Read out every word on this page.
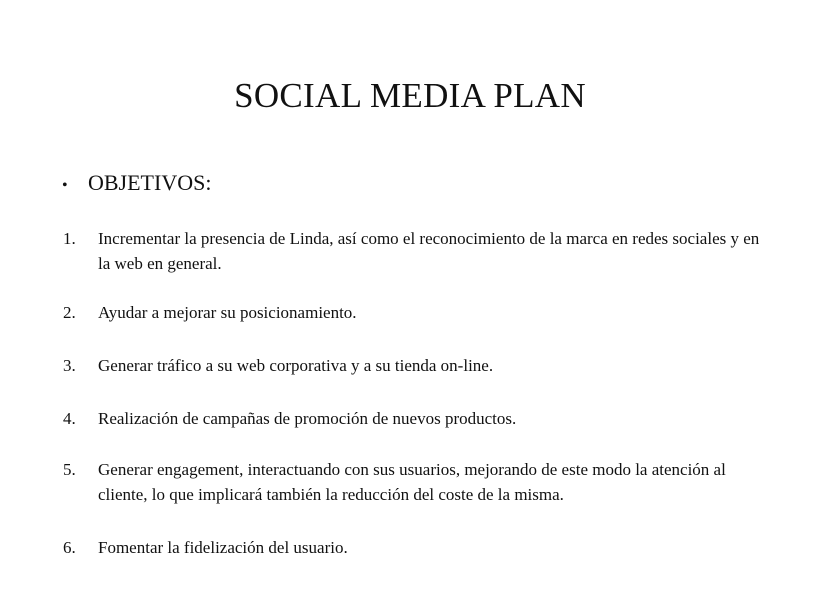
SOCIAL MEDIA PLAN
• OBJETIVOS:
1.	Incrementar la presencia de Linda, así como el reconocimiento de la marca en redes sociales y en la web en general.
2.	Ayudar a mejorar su posicionamiento.
3.	Generar tráfico a su web corporativa y a su tienda on-line.
4.	Realización de campañas de promoción de nuevos productos.
5.	Generar engagement, interactuando con sus usuarios, mejorando de este modo la atención al cliente, lo que implicará también la reducción del coste de la misma.
6.	Fomentar la fidelización del usuario.
